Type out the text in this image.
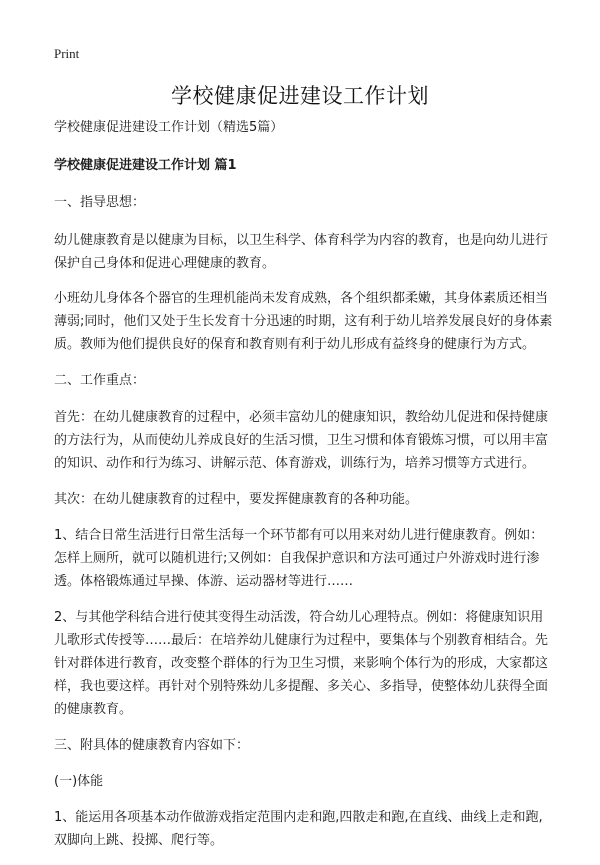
Print
学校健康促进建设工作计划

学校健康促进建设工作计划（精选5篇）

学校健康促进建设工作计划 篇1

一、指导思想：

幼儿健康教育是以健康为目标，以卫生科学、体育科学为内容的教育，也是向幼儿进行保护自己身体和促进心理健康的教育。

小班幼儿身体各个器官的生理机能尚未发育成熟，各个组织都柔嫩，其身体素质还相当薄弱;同时，他们又处于生长发育十分迅速的时期，这有利于幼儿培养发展良好的身体素质。教师为他们提供良好的保育和教育则有利于幼儿形成有益终身的健康行为方式。

二、工作重点：

首先：在幼儿健康教育的过程中，必须丰富幼儿的健康知识，教给幼儿促进和保持健康的方法行为，从而使幼儿养成良好的生活习惯，卫生习惯和体育锻炼习惯，可以用丰富的知识、动作和行为练习、讲解示范、体育游戏，训练行为，培养习惯等方式进行。

其次：在幼儿健康教育的过程中，要发挥健康教育的各种功能。

1、结合日常生活进行日常生活每一个环节都有可以用来对幼儿进行健康教育。例如：怎样上厕所，就可以随机进行;又例如：自我保护意识和方法可通过户外游戏时进行渗透。体格锻炼通过早操、体游、运动器材等进行……

2、与其他学科结合进行使其变得生动活泼，符合幼儿心理特点。例如：将健康知识用儿歌形式传授等……最后：在培养幼儿健康行为过程中，要集体与个别教育相结合。先针对群体进行教育，改变整个群体的行为卫生习惯，来影响个体行为的形成，大家都这样，我也要这样。再针对个别特殊幼儿多提醒、多关心、多指导，使整体幼儿获得全面的健康教育。

三、附具体的健康教育内容如下：

(一)体能

1、能运用各项基本动作做游戏指定范围内走和跑,四散走和跑,在直线、曲线上走和跑,双脚向上跳、投掷、爬行等。
